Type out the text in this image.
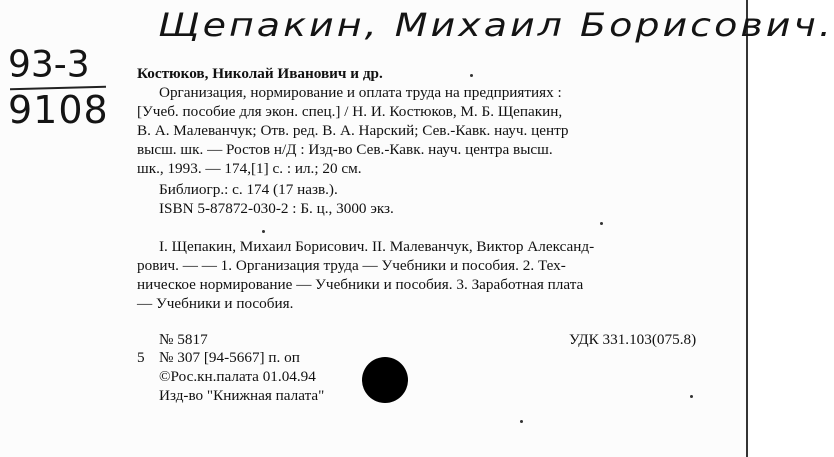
Щепакин, Михаил Борисович.
93-3
9108
Костюков, Николай Иванович и др.
Организация, нормирование и оплата труда на предприятиях :
[Учеб. пособие для экон. спец.] / Н. И. Костюков, М. Б. Щепакин,
В. А. Малеванчук; Отв. ред. В. А. Нарский; Сев.-Кавк. науч. центр
высш. шк. — Ростов н/Д : Изд-во Сев.-Кавк. науч. центра высш.
шк., 1993. — 174,[1] с. : ил.; 20 см.
Библиогр.: с. 174 (17 назв.).
ISBN 5-87872-030-2 : Б. ц., 3000 экз.
I. Щепакин, Михаил Борисович. II. Малеванчук, Виктор Александ-
рович. — — 1. Организация труда — Учебники и пособия. 2. Тех-
ническое нормирование — Учебники и пособия. 3. Заработная плата
— Учебники и пособия.
№ 5817	УДК 331.103(075.8)
5 № 307 [94-5667] п. оп
©Рос.кн.палата 01.04.94
Изд-во "Книжная палата"
